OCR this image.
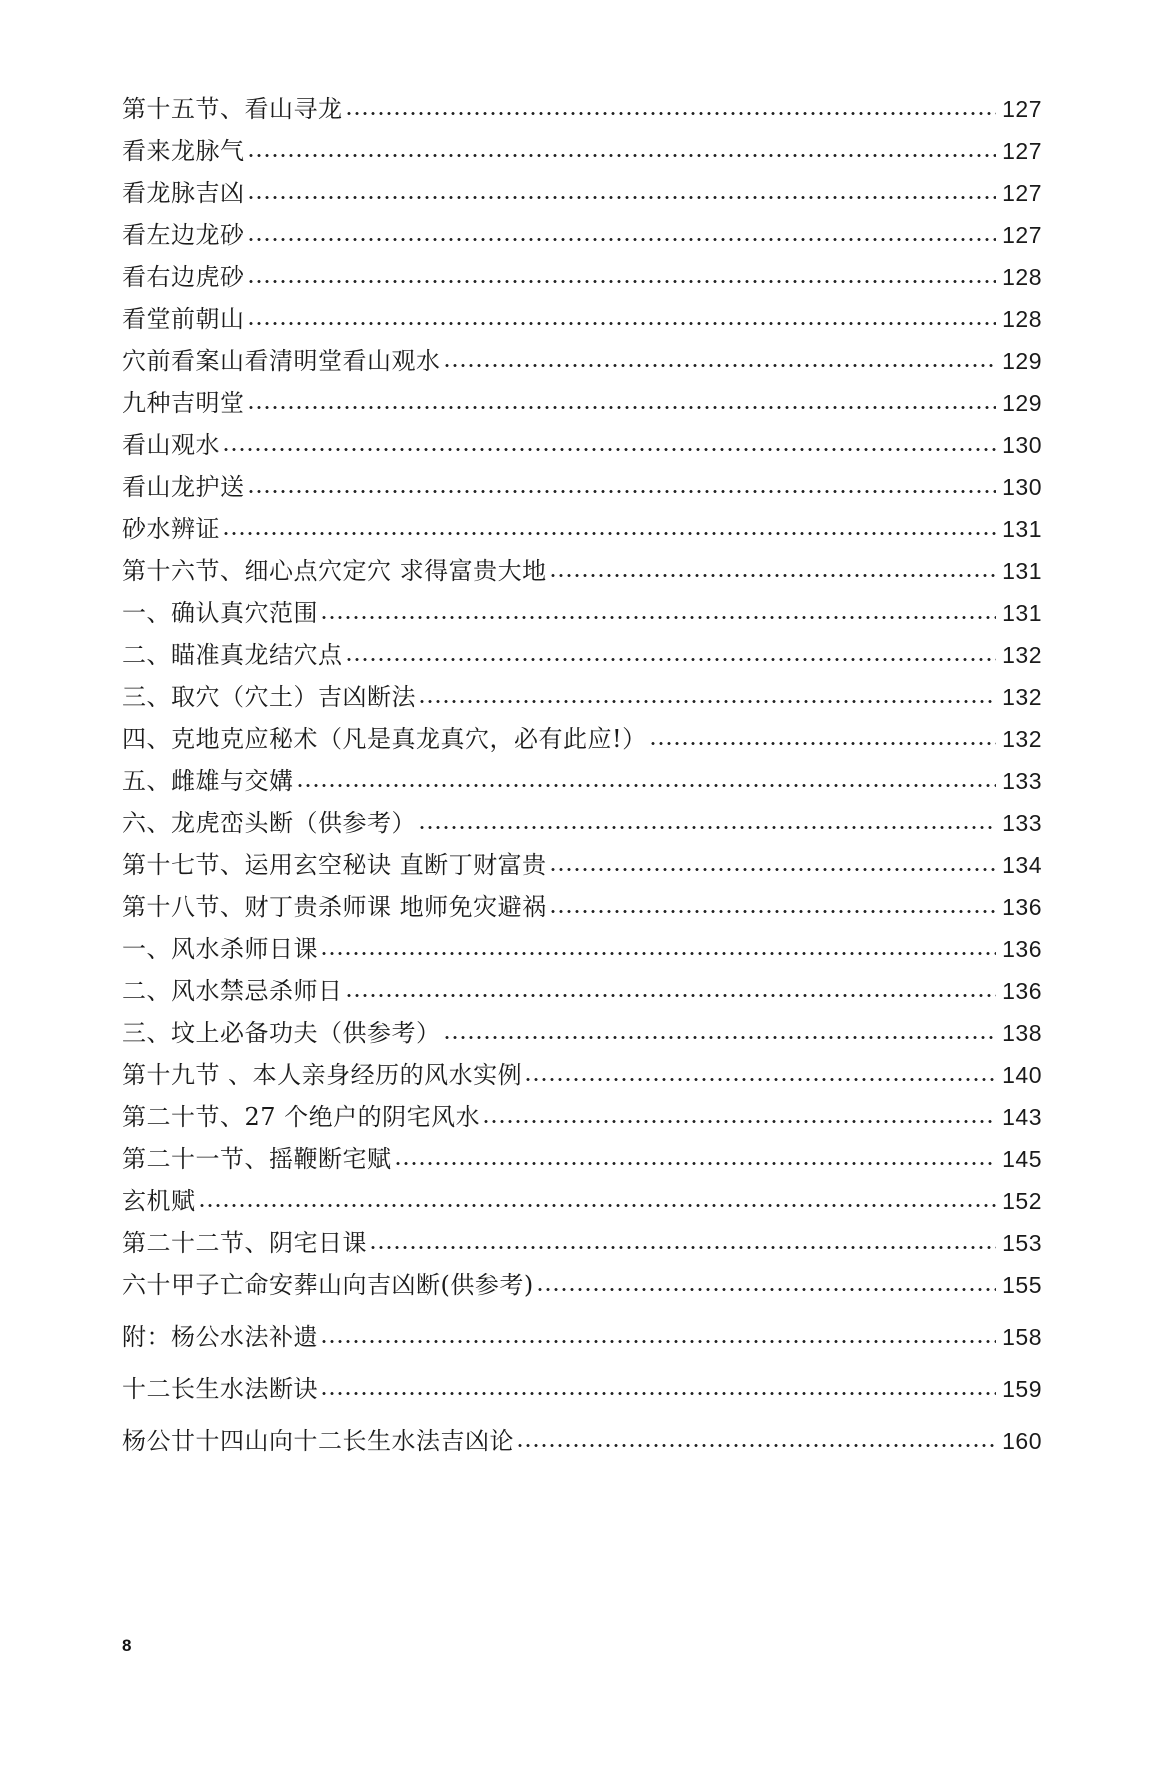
第十五节、看山寻龙	127
看来龙脉气	127
看龙脉吉凶	127
看左边龙砂	127
看右边虎砂	128
看堂前朝山	128
穴前看案山看清明堂看山观水	129
九种吉明堂	129
看山观水	130
看山龙护送	130
砂水辨证	131
第十六节、细心点穴定穴 求得富贵大地	131
一、确认真穴范围	131
二、瞄准真龙结穴点	132
三、取穴（穴土）吉凶断法	132
四、克地克应秘术（凡是真龙真穴，必有此应!）	132
五、雌雄与交媾	133
六、龙虎峦头断（供参考）	133
第十七节、运用玄空秘诀 直断丁财富贵	134
第十八节、财丁贵杀师课 地师免灾避祸	136
一、风水杀师日课	136
二、风水禁忌杀师日	136
三、坟上必备功夫（供参考）	138
第十九节 、本人亲身经历的风水实例	140
第二十节、27 个绝户的阴宅风水	143
第二十一节、摇鞭断宅赋	145
玄机赋	152
第二十二节、阴宅日课	153
六十甲子亡命安葬山向吉凶断(供参考)	155
附：杨公水法补遗	158
十二长生水法断诀	159
杨公廿十四山向十二长生水法吉凶论	160
8
